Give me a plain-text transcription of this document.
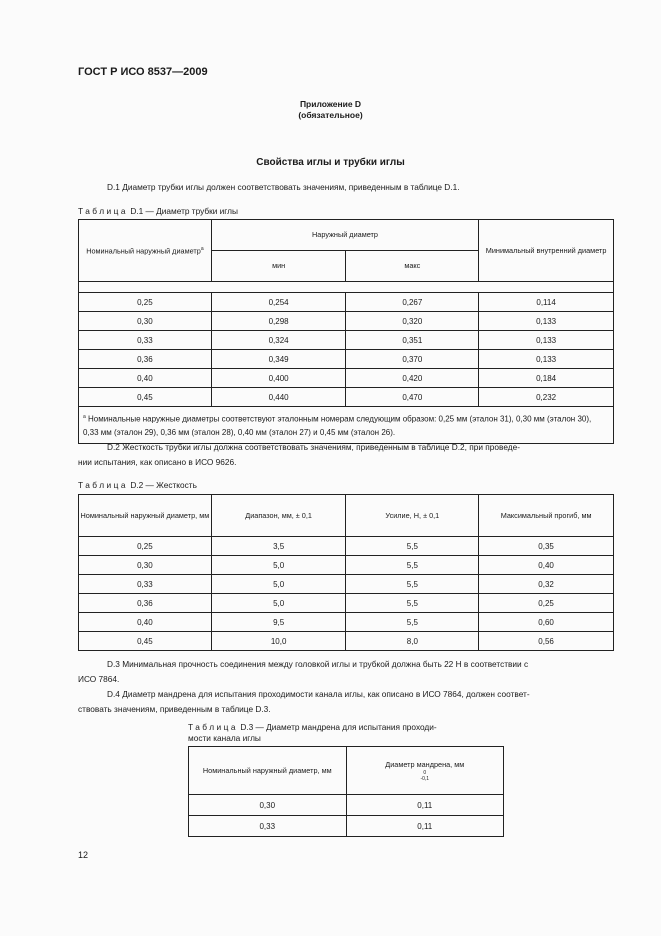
ГОСТ Р ИСО 8537—2009
Приложение D
(обязательное)
Свойства иглы и трубки иглы
D.1 Диаметр трубки иглы должен соответствовать значениям, приведенным в таблице D.1.
Таблица D.1 — Диаметр трубки иглы
Номинальный наружный диаметр$^a$	Наружный диаметр		Минимальный внутренний диаметр
	мин	макс	

0,25	0,254	0,267	0,114
0,30	0,298	0,320	0,133
0,33	0,324	0,351	0,133
0,36	0,349	0,370	0,133
0,40	0,400	0,420	0,184
0,45	0,440	0,470	0,232
$^a$ Номинальные наружные диаметры соответствуют эталонным номерам следующим образом: 0,25 мм (эталон 31), 0,30 мм (эталон 30), 0,33 мм (эталон 29), 0,36 мм (эталон 28), 0,40 мм (эталон 27) и 0,45 мм (эталон 26).			
D.2 Жесткость трубки иглы должна соответствовать значениям, приведенным в таблице D.2, при проведе-
нии испытания, как описано в ИСО 9626.
Таблица D.2 — Жесткость
Номинальный наружный диаметр, мм	Диапазон, мм, ± 0,1	Усилие, Н, ± 0,1	Максимальный прогиб, мм
0,25	3,5	5,5	0,35
0,30	5,0	5,5	0,40
0,33	5,0	5,5	0,32
0,36	5,0	5,5	0,25
0,40	9,5	5,5	0,60
0,45	10,0	8,0	0,56
D.3 Минимальная прочность соединения между головкой иглы и трубкой должна быть 22 Н в соответствии с
ИСО 7864.
D.4 Диаметр мандрена для испытания проходимости канала иглы, как описано в ИСО 7864, должен соответ-
ствовать значениям, приведенным в таблице D.3.
Таблица D.3 — Диаметр мандрена для испытания проходи-
мости канала иглы
Номинальный наружный диаметр, мм	Диаметр мандрена, мм
0
-0,1

0,30	0,11
0,33	0,11
12
